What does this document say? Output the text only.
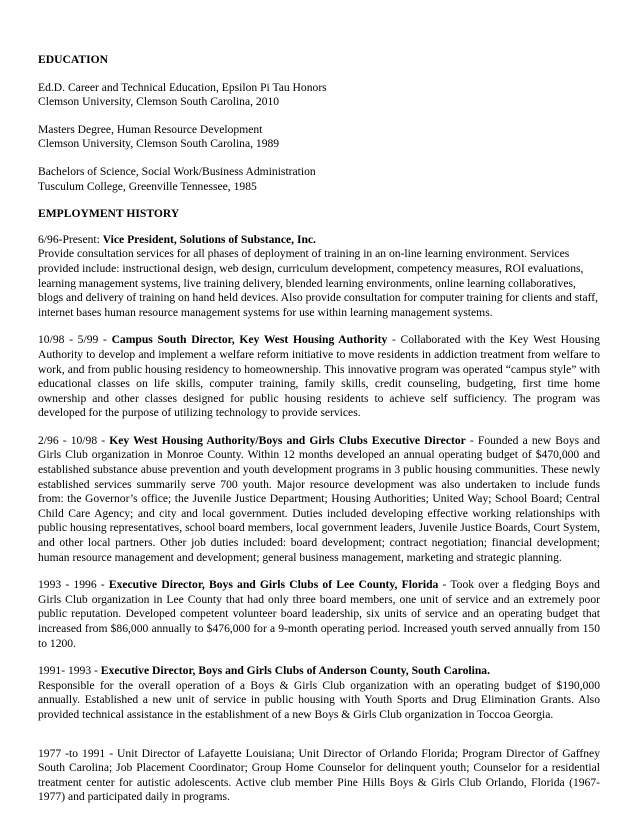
EDUCATION

Ed.D. Career and Technical Education, Epsilon Pi Tau Honors
Clemson University, Clemson South Carolina, 2010
Masters Degree, Human Resource Development
Clemson University, Clemson South Carolina, 1989
Bachelors of Science, Social Work/Business Administration
Tusculum College, Greenville Tennessee, 1985

EMPLOYMENT HISTORY

6/96-Present: Vice President, Solutions of Substance, Inc.
Provide consultation services for all phases of deployment of training in an on-line learning environment. Services provided include: instructional design, web design, curriculum development, competency measures, ROI evaluations, learning management systems, live training delivery, blended learning environments, online learning collaboratives, blogs and delivery of training on hand held devices. Also provide consultation for computer training for clients and staff, internet bases human resource management systems for use within learning management systems.
10/98 - 5/99 - Campus South Director, Key West Housing Authority - Collaborated with the Key West Housing Authority to develop and implement a welfare reform initiative to move residents in addiction treatment from welfare to work, and from public housing residency to homeownership. This innovative program was operated “campus style” with educational classes on life skills, computer training, family skills, credit counseling, budgeting, first time home ownership and other classes designed for public housing residents to achieve self sufficiency. The program was developed for the purpose of utilizing technology to provide services.
2/96 - 10/98 - Key West Housing Authority/Boys and Girls Clubs Executive Director - Founded a new Boys and Girls Club organization in Monroe County. Within 12 months developed an annual operating budget of $470,000 and established substance abuse prevention and youth development programs in 3 public housing communities. These newly established services summarily serve 700 youth. Major resource development was also undertaken to include funds from: the Governor’s office; the Juvenile Justice Department; Housing Authorities; United Way; School Board; Central Child Care Agency; and city and local government. Duties included developing effective working relationships with public housing representatives, school board members, local government leaders, Juvenile Justice Boards, Court System, and other local partners. Other job duties included: board development; contract negotiation; financial development; human resource management and development; general business management, marketing and strategic planning.
1993 - 1996 - Executive Director, Boys and Girls Clubs of Lee County, Florida - Took over a fledging Boys and Girls Club organization in Lee County that had only three board members, one unit of service and an extremely poor public reputation. Developed competent volunteer board leadership, six units of service and an operating budget that increased from $86,000 annually to $476,000 for a 9-month operating period. Increased youth served annually from 150 to 1200.
1991- 1993 - Executive Director, Boys and Girls Clubs of Anderson County, South Carolina.
Responsible for the overall operation of a Boys & Girls Club organization with an operating budget of $190,000 annually. Established a new unit of service in public housing with Youth Sports and Drug Elimination Grants. Also provided technical assistance in the establishment of a new Boys & Girls Club organization in Toccoa Georgia.
1977 -to 1991 - Unit Director of Lafayette Louisiana; Unit Director of Orlando Florida; Program Director of Gaffney South Carolina; Job Placement Coordinator; Group Home Counselor for delinquent youth; Counselor for a residential treatment center for autistic adolescents. Active club member Pine Hills Boys & Girls Club Orlando, Florida (1967-1977) and participated daily in programs.
